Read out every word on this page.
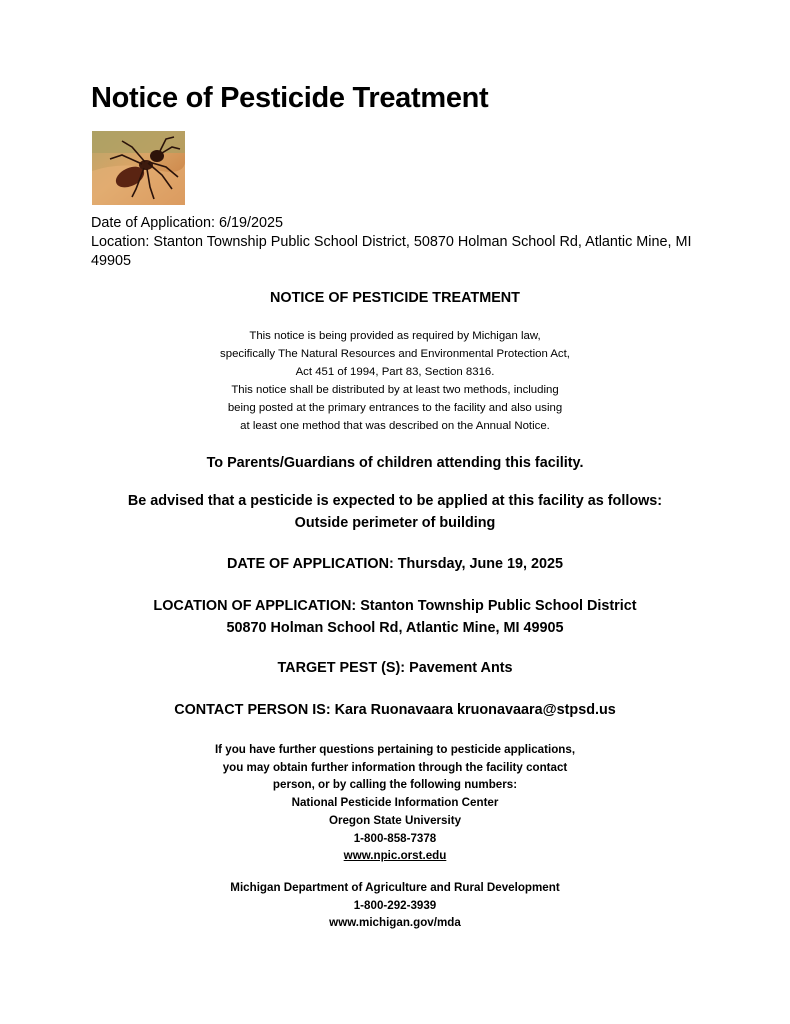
Notice of Pesticide Treatment
Date of Application: 6/19/2025
Location: Stanton Township Public School District, 50870 Holman School Rd, Atlantic Mine, MI
49905
NOTICE OF PESTICIDE TREATMENT
This notice is being provided as required by Michigan law,
specifically The Natural Resources and Environmental Protection Act,
Act 451 of 1994, Part 83, Section 8316.
This notice shall be distributed by at least two methods, including
being posted at the primary entrances to the facility and also using
at least one method that was described on the Annual Notice.
To Parents/Guardians of children attending this facility.
Be advised that a pesticide is expected to be applied at this facility as follows:
Outside perimeter of building
DATE OF APPLICATION: Thursday, June 19, 2025
LOCATION OF APPLICATION: Stanton Township Public School District
50870 Holman School Rd, Atlantic Mine, MI 49905
TARGET PEST (S): Pavement Ants
CONTACT PERSON IS: Kara Ruonavaara kruonavaara@stpsd.us
If you have further questions pertaining to pesticide applications,
you may obtain further information through the facility contact
person, or by calling the following numbers:
National Pesticide Information Center
Oregon State University
1-800-858-7378
www.npic.orst.edu
Michigan Department of Agriculture and Rural Development
1-800-292-3939
www.michigan.gov/mda
